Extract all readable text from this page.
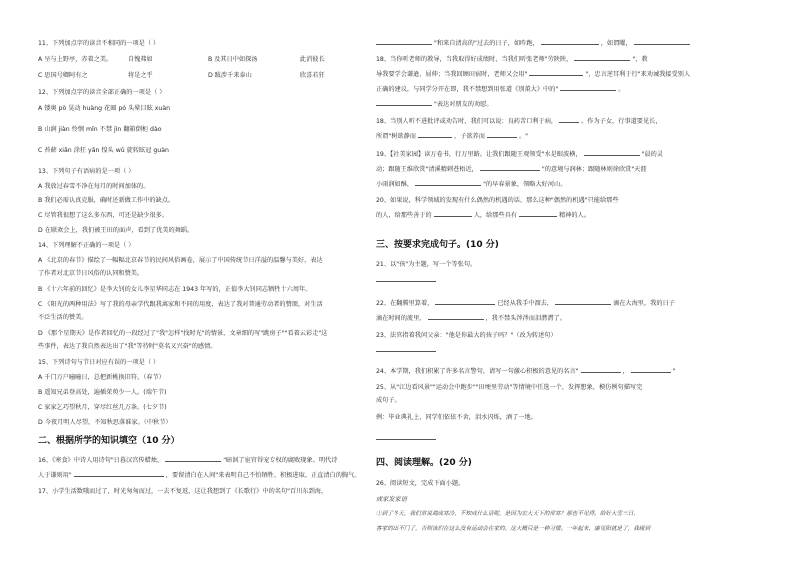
11、下列加点字的读音不相同的一项是（ ）
A 呈与上野亭，赤着之美。	自愧弗如	B 及其日中如探汤	此消彼长
C 思国号卿阿有之	将是之乎	D 跋涉千来泰山	欣喜若狂
12、下列加点字的读音全部正确的一项是（ ）
A 镂奥 pò 晃动 huàng 花圈 pó 头晕目眩 xuàn
B 山涧 jiàn 怜悯 mǐn 不禁 jìn 翻箱倒柜 dào
C 苔藓 xiǎn 涂狂 yǎn 惶头 wǔ 旋转眩冠 guàn
13、下列句子有语病的是一项（ ）
A 我放过春雪不净在每月的时间加体的。
B 我们必需认真克服，确时还新做工作中的缺点。
C 尽管我很想了这么多东西，可还是缺少很多。
D 在联欢会上，我们被王田的面声，看到了优美的舞蹈。
14、下列理解不正确的一项是（ ）
A 《北京的春节》描绘了一幅幅北京春节的民间风俗画卷，展示了中国传统节日洋溢的温馨与美好，表达
了作者对北京节日风俗的认同和赞美。
B 《十六年前的回忆》是李大钊的女儿李星华同志在 1943 年写的，正值李大钊同志牺牲十六周年。
C 《阳光的两种用法》写了我的母亲学代跟我离家和不同的用度，表达了我对普通劳动者的赞颂，对生活
不泛生活的赞美。
D 《那个星期天》是作者回忆的一段经过了"我"怎样"找时光"的情景，文章细的写"跳房子""看着云彩走"这
些事件，表达了我自然表达出了"我"等待时"莫名又兴奋"的感情。
15、下列诗句与节日对应有误的一项是（ ）
A 千门万户曈曈日，总把新桃换旧符。（春节）
B 遥知兄弟登高处，遍插茱萸少一人。(端午节)
C 家家乞巧望秋月，穿尽红丝几万条。(七夕节)
D 今夜月明人尽望，不知秋思落谁家。（中秋节）
二、根据所学的知识填空（10 分）
16、《寒食》中诗人用诗句"日暮汉宫传蜡烛，	"暗讽了宦官得宠专权的腐败现象。明代诗
人于谦则用"	，要留清白在人间"来表明自己不怕牺牲、积极进取、正直清白的胸气。
17、小学生活数哦而过了，时光匆匆而过，一去不复返，这让我想到了《长歌行》中的名句"百川东到海，
"和来自清高的"过去的日子，如昨跑，	，如谓曜，
18、当你听老师的教导，当我取得好成绩时，当我们听张老师"劳陕陕，	"，教
导我要学会谦逊、屈伸；当我回顾田宿时，老师又会用"	"，忠言逆耳利于行"来劝诫我接受别人
正确的建议，与同学分开在即，我不禁想到用张道《别董大》中的"	。
"表达对朋友的劝慰。
18、当别人听不进批评或劝告时，我们可以说：良药苦口利于病，	。作为子女，行事道要见长，
所谓"树欲静而	，子欲养而	。"
19、【社美家园】读万卷书，行万里路。让我们跟随王观领受"水是眼波横，	"晨的灵
动；跟随王维欣赏"清溪精刺苍梧近，	"的意境与润林；跟随林则徐欣赏"天涯
小雨润如酥，	"的早春景象，领略大好河山。
20、如果说，科学领域的发现有什么偶然的机遇的话，那么这种"偶然的机遇"只能给那些
的人，给那些善于的	人，给那些具有	精神的人。
三、按要求完成句子。(10 分)
21、以"孩"为主题，写一个等张句。
22、在翻腾里算着，	已经从我手中溜去，	滴在大海里，我的日子
滴在时间的流里，	，我不禁头涔涔而泪潸潸了。
23、法官指着我问父亲："他是你最大的孩子吗？"（改为转述句）
24、本学期，我们积累了许多名言警句，请写一句激心积极的意见的名言"	，	"
25、从"江边看风景""运动会中跑步""田埂里劳动"等情境中任选一个，发挥想象，模仿例句描写完
成句子。
例：毕业典礼上，同学们依依不舍，泪水闪烁，酒了一地。
四、阅读理解。(20 分)
26、阅读短文，完成下面小题。
成家发家语
①到了冬天，我们常说端成寒冷，不知成什么话呢，是因为宏大天下的常寒？那也不见得。给好大雪三日，
客家的出不门了，否则该们在这么没有运动会在家的。这大概只是一种习惯。一年起来，廉见阳就是了，我碰到
